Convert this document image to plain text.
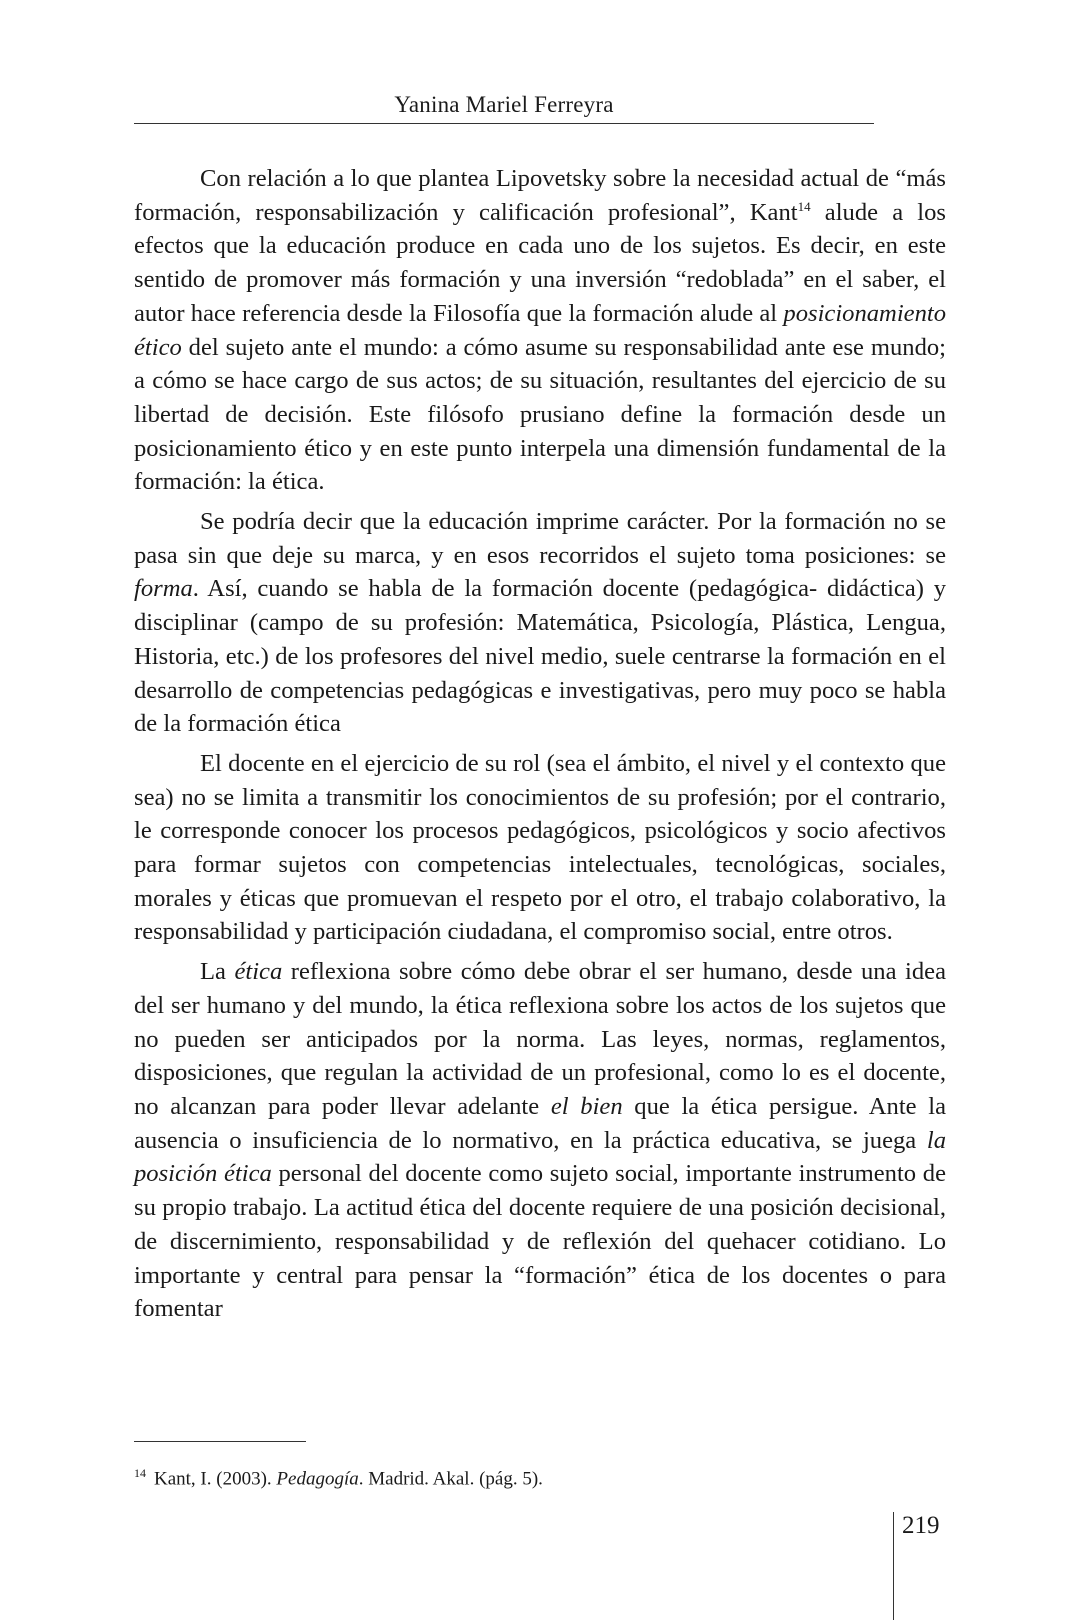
Yanina Mariel Ferreyra

Con relación a lo que plantea Lipovetsky sobre la necesidad actual de “más formación, responsabilización y calificación profesional”, Kant$^{14}$ alude a los efectos que la educación produce en cada uno de los sujetos. Es decir, en este sentido de promover más formación y una inversión “redoblada” en el saber, el autor hace referencia desde la Filosofía que la formación alude al posicionamiento ético del sujeto ante el mundo: a cómo asume su responsabilidad ante ese mundo; a cómo se hace cargo de sus actos; de su situación, resultantes del ejercicio de su libertad de decisión. Este filósofo prusiano define la formación desde un posicionamiento ético y en este punto interpela una dimensión fundamental de la formación: la ética.

Se podría decir que la educación imprime carácter. Por la formación no se pasa sin que deje su marca, y en esos recorridos el sujeto toma posiciones: se forma. Así, cuando se habla de la formación docente (pedagógica- didáctica) y disciplinar (campo de su profesión: Matemática, Psicología, Plástica, Lengua, Historia, etc.) de los profesores del nivel medio, suele centrarse la formación en el desarrollo de competencias pedagógicas e investigativas, pero muy poco se habla de la formación ética

El docente en el ejercicio de su rol (sea el ámbito, el nivel y el contexto que sea) no se limita a transmitir los conocimientos de su profesión; por el contrario, le corresponde conocer los procesos pedagógicos, psicológicos y socio afectivos para formar sujetos con competencias intelectuales, tecnológicas, sociales, morales y éticas que promuevan el respeto por el otro, el trabajo colaborativo, la responsabilidad y participación ciudadana, el compromiso social, entre otros.

La ética reflexiona sobre cómo debe obrar el ser humano, desde una idea del ser humano y del mundo, la ética reflexiona sobre los actos de los sujetos que no pueden ser anticipados por la norma. Las leyes, normas, reglamentos, disposiciones, que regulan la actividad de un profesional, como lo es el docente, no alcanzan para poder llevar adelante el bien que la ética persigue. Ante la ausencia o insuficiencia de lo normativo, en la práctica educativa, se juega la posición ética personal del docente como sujeto social, importante instrumento de su propio trabajo. La actitud ética del docente requiere de una posición decisional, de discernimiento, responsabilidad y de reflexión del quehacer cotidiano. Lo importante y central para pensar la “formación” ética de los docentes o para fomentar

$^{14}$ Kant, I. (2003). Pedagogía. Madrid. Akal. (pág. 5).
219
